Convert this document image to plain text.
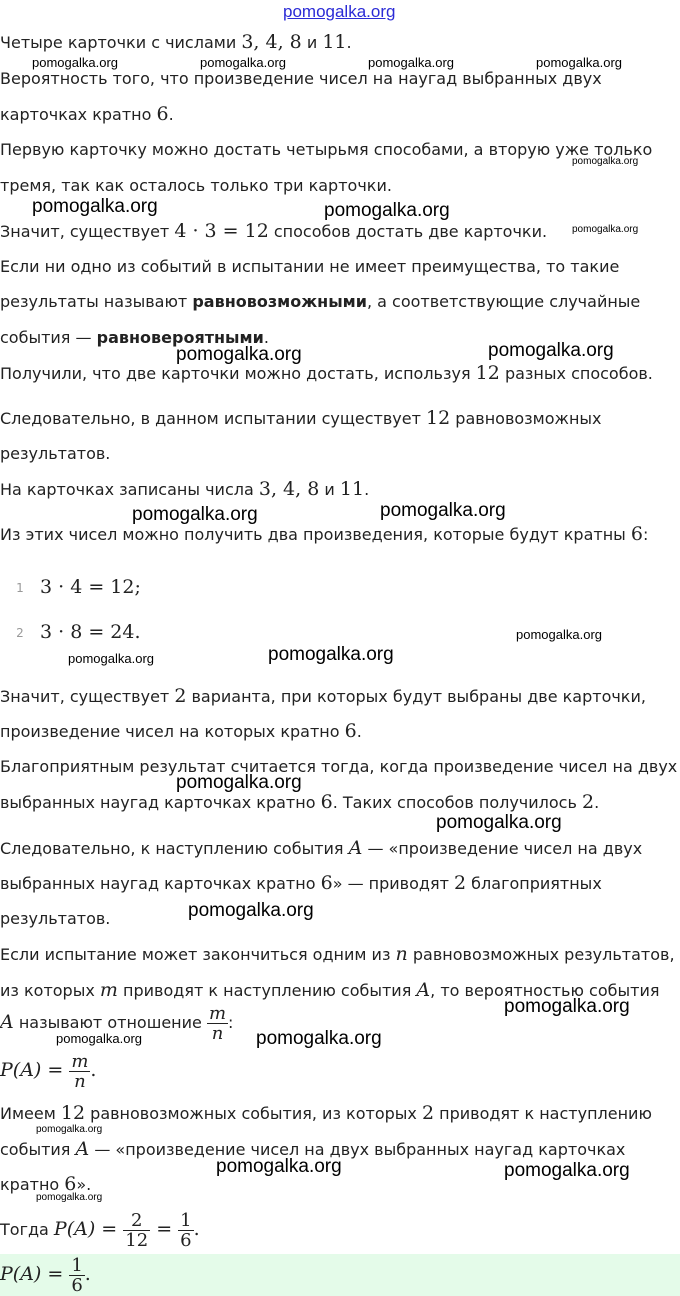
pomogalka.org
pomogalka.org	pomogalka.org	pomogalka.org	pomogalka.org
pomogalka.org
pomogalka.org	pomogalka.org
pomogalka.org
pomogalka.org	pomogalka.org
pomogalka.org	pomogalka.org
pomogalka.org
pomogalka.org	pomogalka.org
pomogalka.org
pomogalka.org
pomogalka.org
pomogalka.org
pomogalka.org	pomogalka.org
pomogalka.org
pomogalka.org	pomogalka.org
pomogalka.org
Четыре карточки с числами 3, 4, 8 и 11.
Вероятность того, что произведение чисел на наугад выбранных двух
карточках кратно 6.
Первую карточку можно достать четырьмя способами, а вторую уже только
тремя, так как осталось только три карточки.
Значит, существует 4 · 3 = 12 способов достать две карточки.
Если ни одно из событий в испытании не имеет преимущества, то такие
результаты называют равновозможными, а соответствующие случайные
события — равновероятными.
Получили, что две карточки можно достать, используя 12 разных способов.
Следовательно, в данном испытании существует 12 равновозможных
результатов.
На карточках записаны числа 3, 4, 8 и 11.
Из этих чисел можно получить два произведения, которые будут кратны 6:
1 3 · 4 = 12;
2 3 · 8 = 24.
Значит, существует 2 варианта, при которых будут выбраны две карточки,
произведение чисел на которых кратно 6.
Благоприятным результат считается тогда, когда произведение чисел на двух
выбранных наугад карточках кратно 6. Таких способов получилось 2.
Следовательно, к наступлению события A — «произведение чисел на двух
выбранных наугад карточках кратно 6» — приводят 2 благоприятных
результатов.
Если испытание может закончиться одним из n равновозможных результатов,
из которых m приводят к наступлению события A, то вероятностью события
A называют отношение $\frac{m}{n}$ :
$P(A) = \frac{m}{n}$ .
Имеем 12 равновозможных события, из которых 2 приводят к наступлению
события A — «произведение чисел на двух выбранных наугад карточках
кратно 6».
Тогда $P(A) = \frac{2}{12} = \frac{1}{6}$ .
$P(A) = \frac{1}{6}$ .
